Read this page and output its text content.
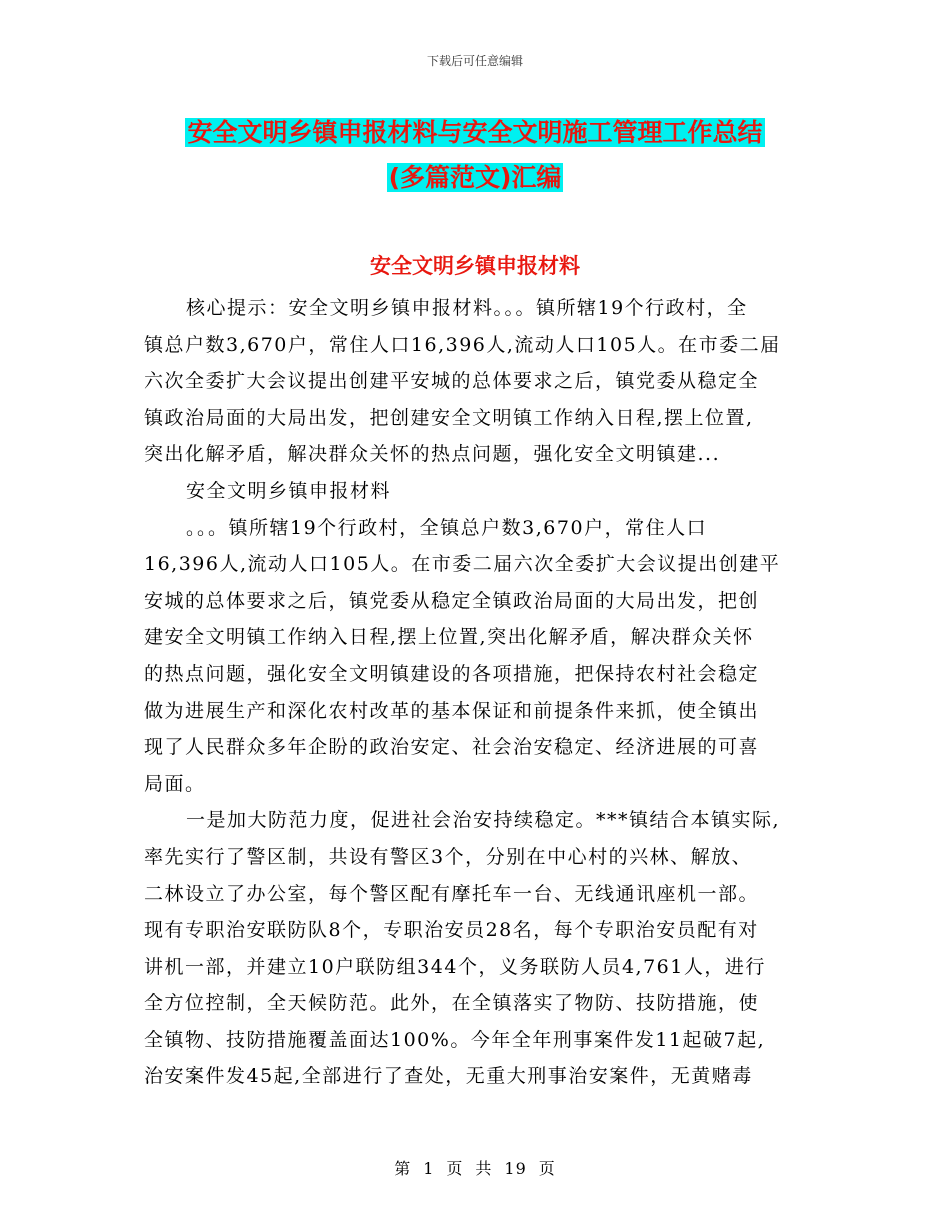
下载后可任意编辑
安全文明乡镇申报材料与安全文明施工管理工作总结
(多篇范文)汇编
安全文明乡镇申报材料
核心提示：安全文明乡镇申报材料。。。镇所辖19个行政村，全
镇总户数3,670户，常住人口16,396人,流动人口105人。在市委二届
六次全委扩大会议提出创建平安城的总体要求之后，镇党委从稳定全
镇政治局面的大局出发，把创建安全文明镇工作纳入日程,摆上位置,
突出化解矛盾，解决群众关怀的热点问题，强化安全文明镇建...
安全文明乡镇申报材料
。。。镇所辖19个行政村，全镇总户数3,670户，常住人口
16,396人,流动人口105人。在市委二届六次全委扩大会议提出创建平
安城的总体要求之后，镇党委从稳定全镇政治局面的大局出发，把创
建安全文明镇工作纳入日程,摆上位置,突出化解矛盾，解决群众关怀
的热点问题，强化安全文明镇建设的各项措施，把保持农村社会稳定
做为进展生产和深化农村改革的基本保证和前提条件来抓，使全镇出
现了人民群众多年企盼的政治安定、社会治安稳定、经济进展的可喜
局面。
一是加大防范力度，促进社会治安持续稳定。***镇结合本镇实际,
率先实行了警区制，共设有警区3个，分别在中心村的兴林、解放、
二林设立了办公室，每个警区配有摩托车一台、无线通讯座机一部。
现有专职治安联防队8个，专职治安员28名，每个专职治安员配有对
讲机一部，并建立10户联防组344个，义务联防人员4,761人，进行
全方位控制，全天候防范。此外，在全镇落实了物防、技防措施，使
全镇物、技防措施覆盖面达100%。今年全年刑事案件发11起破7起,
治安案件发45起,全部进行了查处，无重大刑事治安案件，无黄赌毒
第 1 页 共 19 页
